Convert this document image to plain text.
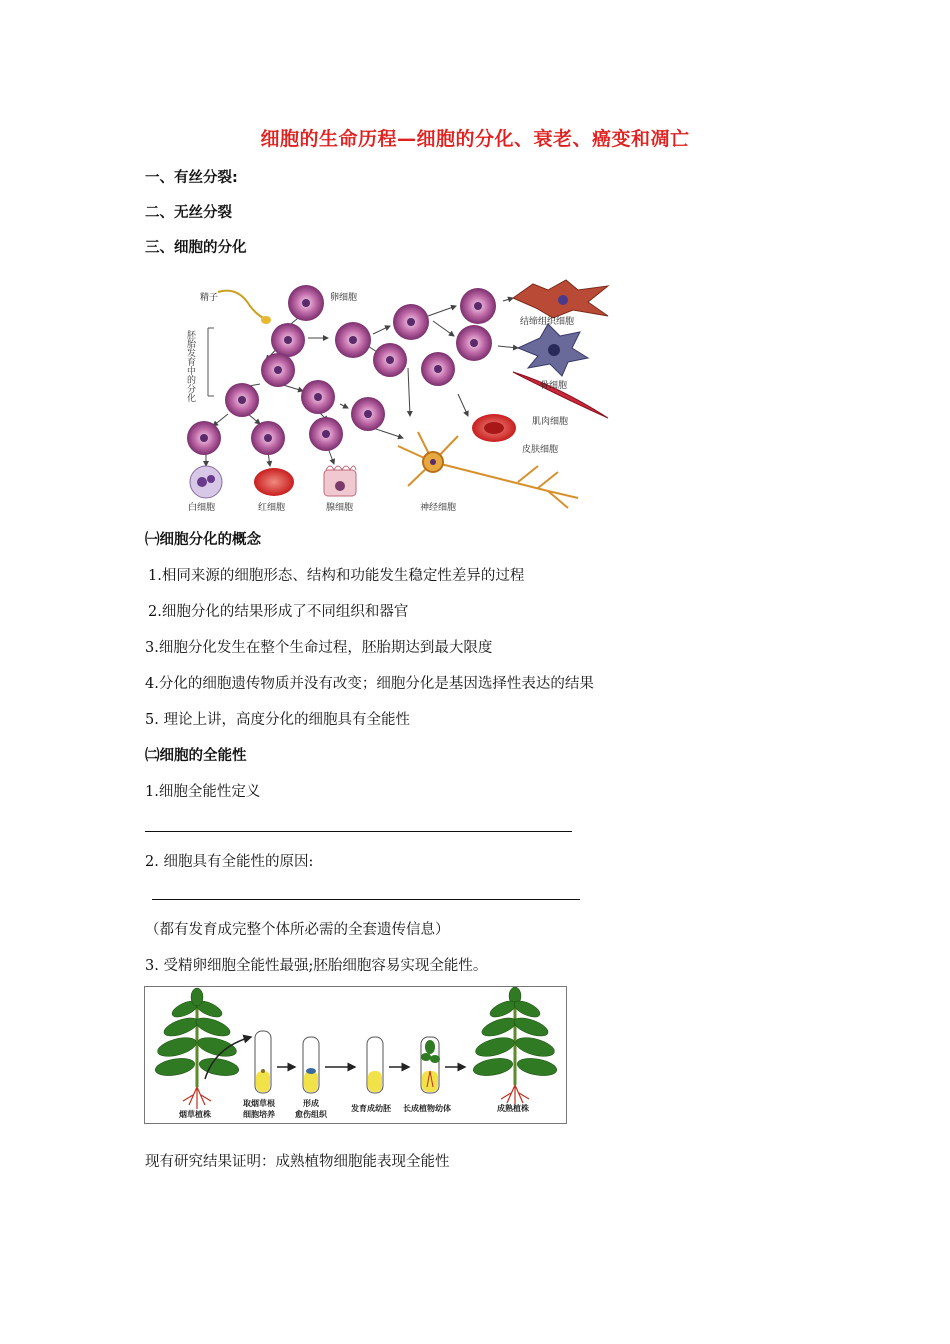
细胞的生命历程—细胞的分化、衰老、癌变和凋亡
一、有丝分裂:
二、无丝分裂
三、细胞的分化
胚胎发育中的分化
精子	卵细胞
结缔组织细胞
骨细胞
肌肉细胞
皮肤细胞
白细胞	红细胞	腺细胞	神经细胞
㈠细胞分化的概念
1.相同来源的细胞形态、结构和功能发生稳定性差异的过程
2.细胞分化的结果形成了不同组织和器官
3.细胞分化发生在整个生命过程，胚胎期达到最大限度
4.分化的细胞遗传物质并没有改变；细胞分化是基因选择性表达的结果
5. 理论上讲，高度分化的细胞具有全能性
㈡细胞的全能性
1.细胞全能性定义
2. 细胞具有全能性的原因:
（都有发育成完整个体所必需的全套遗传信息）
3. 受精卵细胞全能性最强;胚胎细胞容易实现全能性。
烟草植株
取烟草根
细胞培养
形成
愈伤组织
发育成幼胚 长成植物幼体	成熟植株
现有研究结果证明：成熟植物细胞能表现全能性
